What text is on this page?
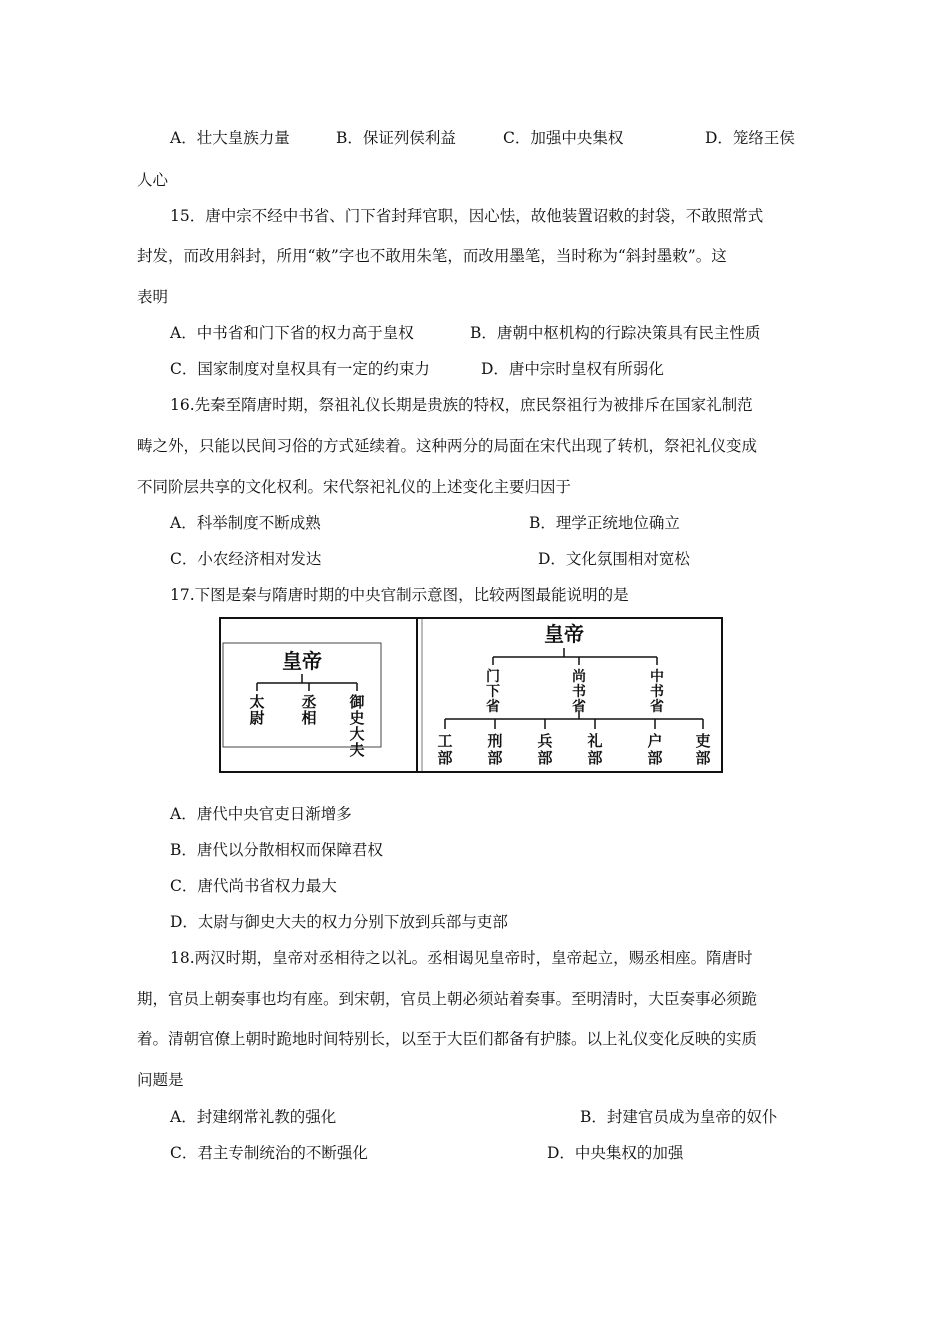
A．壮大皇族力量	B．保证列侯利益	C．加强中央集权	D．笼络王侯
人心
15．唐中宗不经中书省、门下省封拜官职，因心怯，故他装置诏敕的封袋，不敢照常式
封发，而改用斜封，所用“敕”字也不敢用朱笔，而改用墨笔，当时称为“斜封墨敕”。这
表明
A．中书省和门下省的权力高于皇权	B．唐朝中枢机构的行踪决策具有民主性质
C．国家制度对皇权具有一定的约束力	D．唐中宗时皇权有所弱化
16.先秦至隋唐时期，祭祖礼仪长期是贵族的特权，庶民祭祖行为被排斥在国家礼制范
畴之外，只能以民间习俗的方式延续着。这种两分的局面在宋代出现了转机，祭祀礼仪变成
不同阶层共享的文化权利。宋代祭祀礼仪的上述变化主要归因于
A．科举制度不断成熟	B．理学正统地位确立
C．小农经济相对发达	D．文化氛围相对宽松
17.下图是秦与隋唐时期的中央官制示意图，比较两图最能说明的是
皇帝
太尉
丞相
御史大夫
皇帝
门下省
尚书省
中书省
工部
刑部
兵部
礼部
户部
吏部
A．唐代中央官吏日渐增多
B．唐代以分散相权而保障君权
C．唐代尚书省权力最大
D．太尉与御史大夫的权力分别下放到兵部与吏部
18.两汉时期，皇帝对丞相待之以礼。丞相谒见皇帝时，皇帝起立，赐丞相座。隋唐时
期，官员上朝奏事也均有座。到宋朝，官员上朝必须站着奏事。至明清时，大臣奏事必须跪
着。清朝官僚上朝时跪地时间特别长，以至于大臣们都备有护膝。以上礼仪变化反映的实质
问题是
A．封建纲常礼教的强化	B．封建官员成为皇帝的奴仆
C．君主专制统治的不断强化	D．中央集权的加强
